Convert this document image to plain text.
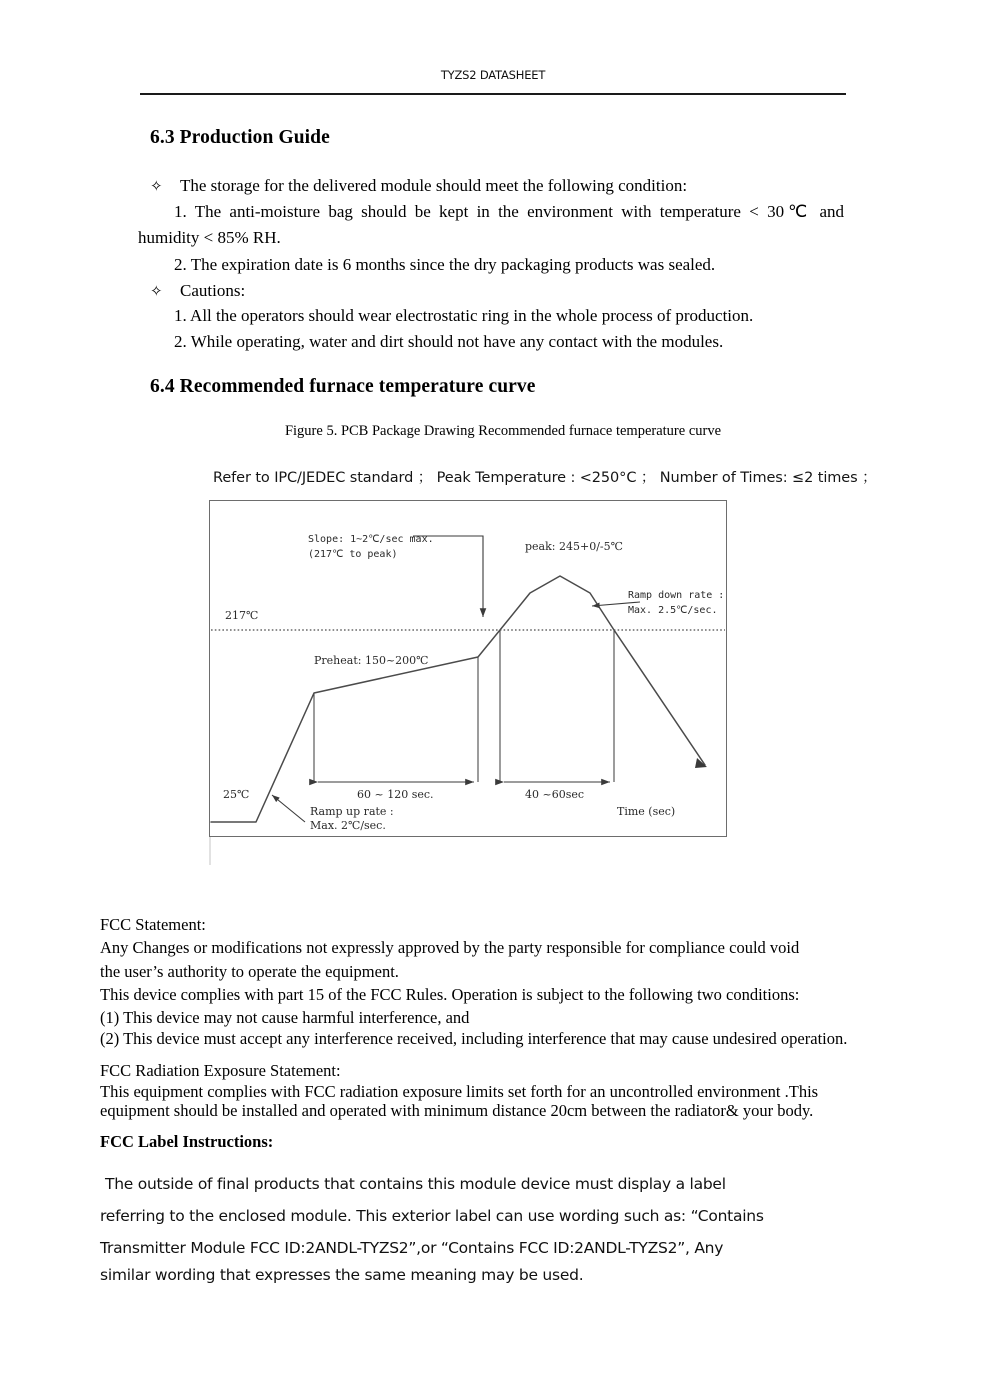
TYZS2 DATASHEET
6.3 Production Guide
✧ The storage for the delivered module should meet the following condition:
1. The anti-moisture bag should be kept in the environment with temperature < 30℃ and humidity < 85% RH.
2. The expiration date is 6 months since the dry packaging products was sealed.
✧ Cautions:
1. All the operators should wear electrostatic ring in the whole process of production.
2. While operating, water and dirt should not have any contact with the modules.
6.4 Recommended furnace temperature curve
Figure 5. PCB Package Drawing Recommended furnace temperature curve
Refer to IPC/JEDEC standard ； Peak Temperature : <250°C ； Number of Times: ≤2 times ；
Slope: 1~2℃/sec max.
(217℃ to peak)
peak: 245+0/-5℃
Ramp down rate :
Max. 2.5℃/sec.
217℃
Preheat: 150~200℃
60 ~ 120 sec.	40 ~60sec
25℃
Ramp up rate :
Max. 2℃/sec.
Time (sec)
FCC Statement:
Any Changes or modifications not expressly approved by the party responsible for compliance could void
the user’s authority to operate the equipment.
This device complies with part 15 of the FCC Rules. Operation is subject to the following two conditions:
(1) This device may not cause harmful interference, and
(2) This device must accept any interference received, including interference that may cause undesired operation.
FCC Radiation Exposure Statement:
This equipment complies with FCC radiation exposure limits set forth for an uncontrolled environment .This
equipment should be installed and operated with minimum distance 20cm between the radiator& your body.
FCC Label Instructions:
The outside of final products that contains this module device must display a label
referring to the enclosed module. This exterior label can use wording such as: “Contains
Transmitter Module FCC ID:2ANDL-TYZS2”,or “Contains FCC ID:2ANDL-TYZS2”, Any
similar wording that expresses the same meaning may be used.
